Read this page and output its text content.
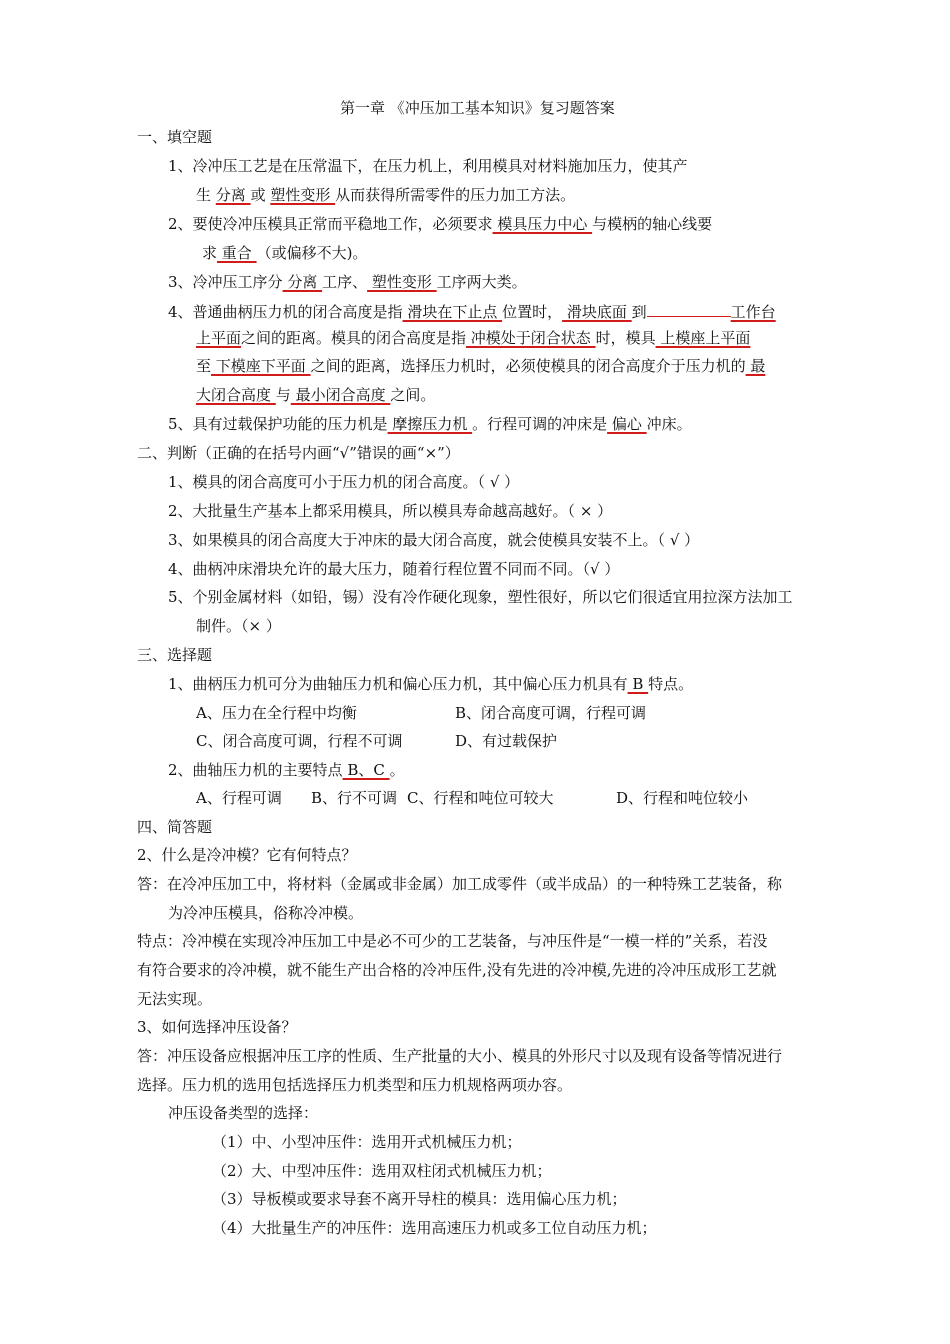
第一章 《冲压加工基本知识》复习题答案
一、填空题
1、冷冲压工艺是在压常温下，在压力机上，利用模具对材料施加压力，使其产
生 分离 或 塑性变形 从而获得所需零件的压力加工方法。
2、要使冷冲压模具正常而平稳地工作，必须要求 模具压力中心 与模柄的轴心线要
求 重合 （或偏移不大)。
3、冷冲压工序分 分离 工序、 塑性变形 工序两大类。
4、普通曲柄压力机的闭合高度是指 滑块在下止点 位置时， 滑块底面 到	工作台
上平面之间的距离。模具的闭合高度是指 冲模处于闭合状态 时，模具 上模座上平面
至 下模座下平面 之间的距离，选择压力机时，必须使模具的闭合高度介于压力机的 最
大闭合高度 与 最小闭合高度 之间。
5、具有过载保护功能的压力机是 摩擦压力机 。行程可调的冲床是 偏心 冲床。
二、判断（正确的在括号内画“√”错误的画“×”）
1、模具的闭合高度可小于压力机的闭合高度。（ √ ）
2、大批量生产基本上都采用模具，所以模具寿命越高越好。（ × ）
3、如果模具的闭合高度大于冲床的最大闭合高度，就会使模具安装不上。（ √ ）
4、曲柄冲床滑块允许的最大压力，随着行程位置不同而不同。（√ ）
5、个别金属材料（如铅，锡）没有冷作硬化现象，塑性很好，所以它们很适宜用拉深方法加工
制件。（× ）
三、选择题
1、曲柄压力机可分为曲轴压力机和偏心压力机，其中偏心压力机具有 B 特点。
A、压力在全行程中均衡	B、闭合高度可调，行程可调
C、闭合高度可调，行程不可调	D、有过载保护
2、曲轴压力机的主要特点 B、C 。
A、行程可调 B、行不可调 C、行程和吨位可较大	D、行程和吨位较小
四、简答题
2、什么是冷冲模？它有何特点？
答：在冷冲压加工中，将材料（金属或非金属）加工成零件（或半成品）的一种特殊工艺装备，称
为冷冲压模具，俗称冷冲模。
特点：冷冲模在实现冷冲压加工中是必不可少的工艺装备，与冲压件是“一模一样的”关系，若没
有符合要求的冷冲模，就不能生产出合格的冷冲压件,没有先进的冷冲模,先进的冷冲压成形工艺就
无法实现。
3、如何选择冲压设备？
答：冲压设备应根据冲压工序的性质、生产批量的大小、模具的外形尺寸以及现有设备等情况进行
选择。压力机的选用包括选择压力机类型和压力机规格两项办容。
冲压设备类型的选择：
（1）中、小型冲压件：选用开式机械压力机；
（2）大、中型冲压件：选用双柱闭式机械压力机；
（3）导板模或要求导套不离开导柱的模具：选用偏心压力机；
（4）大批量生产的冲压件：选用高速压力机或多工位自动压力机；
